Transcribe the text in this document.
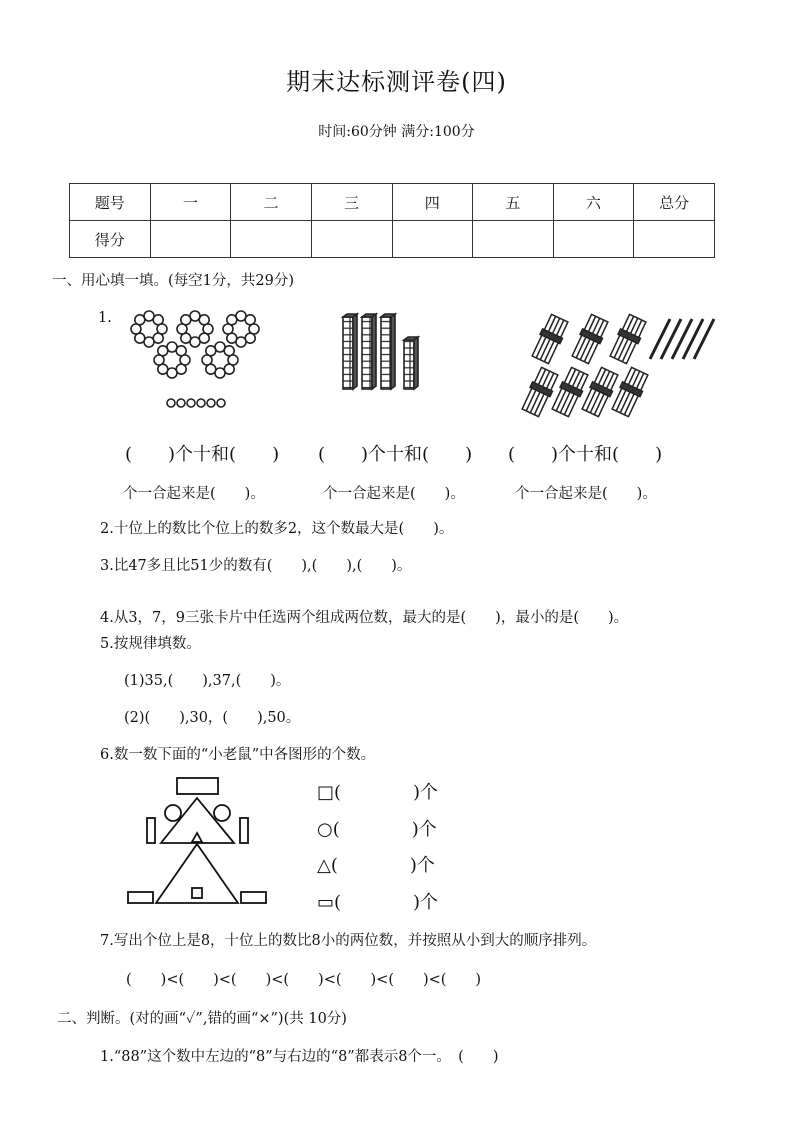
期末达标测评卷(四)
时间:60分钟 满分:100分
题号	一	二	三	四	五	六	总分
得分							
一、用心填一填。(每空1分，共29分)
1.
(　　)个十和(　　) (　　)个十和(　　) (　　)个十和(　　)
个一合起来是(　　)。	个一合起来是(　　)。	个一合起来是(　　)。
2.十位上的数比个位上的数多2，这个数最大是(　　)。
3.比47多且比51少的数有(　　),(　　),(　　)。
4.从3，7，9三张卡片中任选两个组成两位数，最大的是(　　)，最小的是(　　)。
5.按规律填数。
(1)35,(　　),37,(　　)。
(2)(　　),30，(　　),50。
6.数一数下面的“小老鼠”中各图形的个数。
□(　　　　)个
○(　　　　)个
△(　　　　)个
▭(　　　　)个
7.写出个位上是8，十位上的数比8小的两位数，并按照从小到大的顺序排列。
(　　)<(　　)<(　　)<(　　)<(　　)<(　　)<(　　)
二、判断。(对的画“✓”,错的画“×”)(共 10分)
1.“88”这个数中左边的“8”与右边的“8”都表示8个一。　(　　)
